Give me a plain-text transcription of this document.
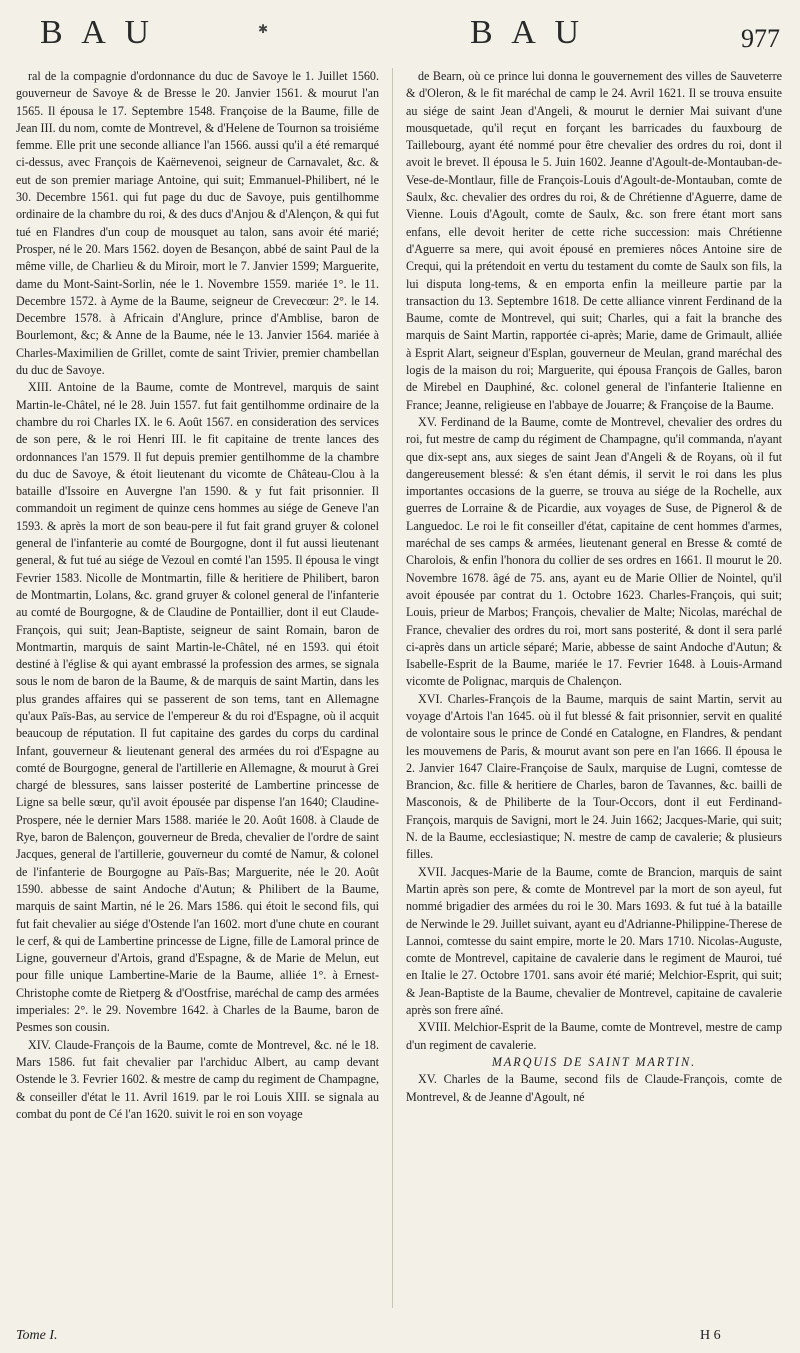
B A U	✱	B A U	977

ral de la compagnie d'ordonnance du duc de Savoye le 1. Juillet 1560. gouverneur de Savoye & de Bresse le 20. Janvier 1561. & mourut l'an 1565. Il épousa le 17. Septembre 1548. Françoise de la Baume, fille de Jean III. du nom, comte de Montrevel, & d'Helene de Tournon sa troisiéme femme. Elle prit une seconde alliance l'an 1566. aussi qu'il a été remarqué ci-dessus, avec François de Kaërnevenoi, seigneur de Carnavalet, &c. & eut de son premier mariage Antoine, qui suit; Emmanuel-Philibert, né le 30. Decembre 1561. qui fut page du duc de Savoye, puis gentilhomme ordinaire de la chambre du roi, & des ducs d'Anjou & d'Alençon, & qui fut tué en Flandres d'un coup de mousquet au talon, sans avoir été marié; Prosper, né le 20. Mars 1562. doyen de Besançon, abbé de saint Paul de la même ville, de Charlieu & du Miroir, mort le 7. Janvier 1599; Marguerite, dame du Mont-Saint-Sorlin, née le 1. Novembre 1559. mariée 1°. le 11. Decembre 1572. à Ayme de la Baume, seigneur de Crevecœur: 2°. le 14. Decembre 1578. à Africain d'Anglure, prince d'Amblise, baron de Bourlemont, &c; & Anne de la Baume, née le 13. Janvier 1564. mariée à Charles-Maximilien de Grillet, comte de saint Trivier, premier chambellan du duc de Savoye.

XIII. Antoine de la Baume, comte de Montrevel, marquis de saint Martin-le-Châtel, né le 28. Juin 1557. fut fait gentilhomme ordinaire de la chambre du roi Charles IX. le 6. Août 1567. en consideration des services de son pere, & le roi Henri III. le fit capitaine de trente lances des ordonnances l'an 1579. Il fut depuis premier gentilhomme de la chambre du duc de Savoye, & étoit lieutenant du vicomte de Château-Clou à la bataille d'Issoire en Auvergne l'an 1590. & y fut fait prisonnier. Il commandoit un regiment de quinze cens hommes au siége de Geneve l'an 1593. & après la mort de son beau-pere il fut fait grand gruyer & colonel general de l'infanterie au comté de Bourgogne, dont il fut aussi lieutenant general, & fut tué au siége de Vezoul en comté l'an 1595. Il épousa le vingt Fevrier 1583. Nicolle de Montmartin, fille & heritiere de Philibert, baron de Montmartin, Lolans, &c. grand gruyer & colonel general de l'infanterie au comté de Bourgogne, & de Claudine de Pontaillier, dont il eut Claude-François, qui suit; Jean-Baptiste, seigneur de saint Romain, baron de Montmartin, marquis de saint Martin-le-Châtel, né en 1593. qui étoit destiné à l'église & qui ayant embrassé la profession des armes, se signala sous le nom de baron de la Baume, & de marquis de saint Martin, dans les plus grandes affaires qui se passerent de son tems, tant en Allemagne qu'aux Païs-Bas, au service de l'empereur & du roi d'Espagne, où il acquit beaucoup de réputation. Il fut capitaine des gardes du corps du cardinal Infant, gouverneur & lieutenant general des armées du roi d'Espagne au comté de Bourgogne, general de l'artillerie en Allemagne, & mourut à Grei chargé de blessures, sans laisser posterité de Lambertine princesse de Ligne sa belle sœur, qu'il avoit épousée par dispense l'an 1640; Claudine-Prospere, née le dernier Mars 1588. mariée le 20. Août 1608. à Claude de Rye, baron de Balençon, gouverneur de Breda, chevalier de l'ordre de saint Jacques, general de l'artillerie, gouverneur du comté de Namur, & colonel de l'infanterie de Bourgogne au Païs-Bas; Marguerite, née le 20. Août 1590. abbesse de saint Andoche d'Autun; & Philibert de la Baume, marquis de saint Martin, né le 26. Mars 1586. qui étoit le second fils, qui fut fait chevalier au siége d'Ostende l'an 1602. mort d'une chute en courant le cerf, & qui de Lambertine princesse de Ligne, fille de Lamoral prince de Ligne, gouverneur d'Artois, grand d'Espagne, & de Marie de Melun, eut pour fille unique Lambertine-Marie de la Baume, alliée 1°. à Ernest-Christophe comte de Rietperg & d'Oostfrise, maréchal de camp des armées imperiales: 2°. le 29. Novembre 1642. à Charles de la Baume, baron de Pesmes son cousin.

XIV. Claude-François de la Baume, comte de Montrevel, &c. né le 18. Mars 1586. fut fait chevalier par l'archiduc Albert, au camp devant Ostende le 3. Fevrier 1602. & mestre de camp du regiment de Champagne, & conseiller d'état le 11. Avril 1619. par le roi Louis XIII. se signala au combat du pont de Cé l'an 1620. suivit le roi en son voyage

de Bearn, où ce prince lui donna le gouvernement des villes de Sauveterre & d'Oleron, & le fit maréchal de camp le 24. Avril 1621. Il se trouva ensuite au siége de saint Jean d'Angeli, & mourut le dernier Mai suivant d'une mousquetade, qu'il reçut en forçant les barricades du fauxbourg de Taillebourg, ayant été nommé pour être chevalier des ordres du roi, dont il avoit le brevet. Il épousa le 5. Juin 1602. Jeanne d'Agoult-de-Montauban-de-Vese-de-Montlaur, fille de François-Louis d'Agoult-de-Montauban, comte de Saulx, &c. chevalier des ordres du roi, & de Chrétienne d'Aguerre, dame de Vienne. Louis d'Agoult, comte de Saulx, &c. son frere étant mort sans enfans, elle devoit heriter de cette riche succession: mais Chrétienne d'Aguerre sa mere, qui avoit épousé en premieres nôces Antoine sire de Crequi, qui la prétendoit en vertu du testament du comte de Saulx son fils, la lui disputa long-tems, & en emporta enfin la meilleure partie par la transaction du 13. Septembre 1618. De cette alliance vinrent Ferdinand de la Baume, comte de Montrevel, qui suit; Charles, qui a fait la branche des marquis de Saint Martin, rapportée ci-après; Marie, dame de Grimault, alliée à Esprit Alart, seigneur d'Esplan, gouverneur de Meulan, grand maréchal des logis de la maison du roi; Marguerite, qui épousa François de Galles, baron de Mirebel en Dauphiné, &c. colonel general de l'infanterie Italienne en France; Jeanne, religieuse en l'abbaye de Jouarre; & Françoise de la Baume.

XV. Ferdinand de la Baume, comte de Montrevel, chevalier des ordres du roi, fut mestre de camp du régiment de Champagne, qu'il commanda, n'ayant que dix-sept ans, aux sieges de saint Jean d'Angeli & de Royans, où il fut dangereusement blessé: & s'en étant démis, il servit le roi dans les plus importantes occasions de la guerre, se trouva au siége de la Rochelle, aux guerres de Lorraine & de Picardie, aux voyages de Suse, de Pignerol & de Languedoc. Le roi le fit conseiller d'état, capitaine de cent hommes d'armes, maréchal de ses camps & armées, lieutenant general en Bresse & comté de Charolois, & enfin l'honora du collier de ses ordres en 1661. Il mourut le 20. Novembre 1678. âgé de 75. ans, ayant eu de Marie Ollier de Nointel, qu'il avoit épousée par contrat du 1. Octobre 1623. Charles-François, qui suit; Louis, prieur de Marbos; François, chevalier de Malte; Nicolas, maréchal de France, chevalier des ordres du roi, mort sans posterité, & dont il sera parlé ci-après dans un article séparé; Marie, abbesse de saint Andoche d'Autun; & Isabelle-Esprit de la Baume, mariée le 17. Fevrier 1648. à Louis-Armand vicomte de Polignac, marquis de Chalençon.

XVI. Charles-François de la Baume, marquis de saint Martin, servit au voyage d'Artois l'an 1645. où il fut blessé & fait prisonnier, servit en qualité de volontaire sous le prince de Condé en Catalogne, en Flandres, & pendant les mouvemens de Paris, & mourut avant son pere en l'an 1666. Il épousa le 2. Janvier 1647 Claire-Françoise de Saulx, marquise de Lugni, comtesse de Brancion, &c. fille & heritiere de Charles, baron de Tavannes, &c. bailli de Masconois, & de Philiberte de la Tour-Occors, dont il eut Ferdinand-François, marquis de Savigni, mort le 24. Juin 1662; Jacques-Marie, qui suit; N. de la Baume, ecclesiastique; N. mestre de camp de cavalerie; & plusieurs filles.

XVII. Jacques-Marie de la Baume, comte de Brancion, marquis de saint Martin après son pere, & comte de Montrevel par la mort de son ayeul, fut nommé brigadier des armées du roi le 30. Mars 1693. & fut tué à la bataille de Nerwinde le 29. Juillet suivant, ayant eu d'Adrianne-Philippine-Therese de Lannoi, comtesse du saint empire, morte le 20. Mars 1710. Nicolas-Auguste, comte de Montrevel, capitaine de cavalerie dans le regiment de Mauroi, tué en Italie le 27. Octobre 1701. sans avoir été marié; Melchior-Esprit, qui suit; & Jean-Baptiste de la Baume, chevalier de Montrevel, capitaine de cavalerie après son frere aîné.

XVIII. Melchior-Esprit de la Baume, comte de Montrevel, mestre de camp d'un regiment de cavalerie.

MARQUIS DE SAINT MARTIN.

XV. Charles de la Baume, second fils de Claude-François, comte de Montrevel, & de Jeanne d'Agoult, né

Tome I.	H 6
